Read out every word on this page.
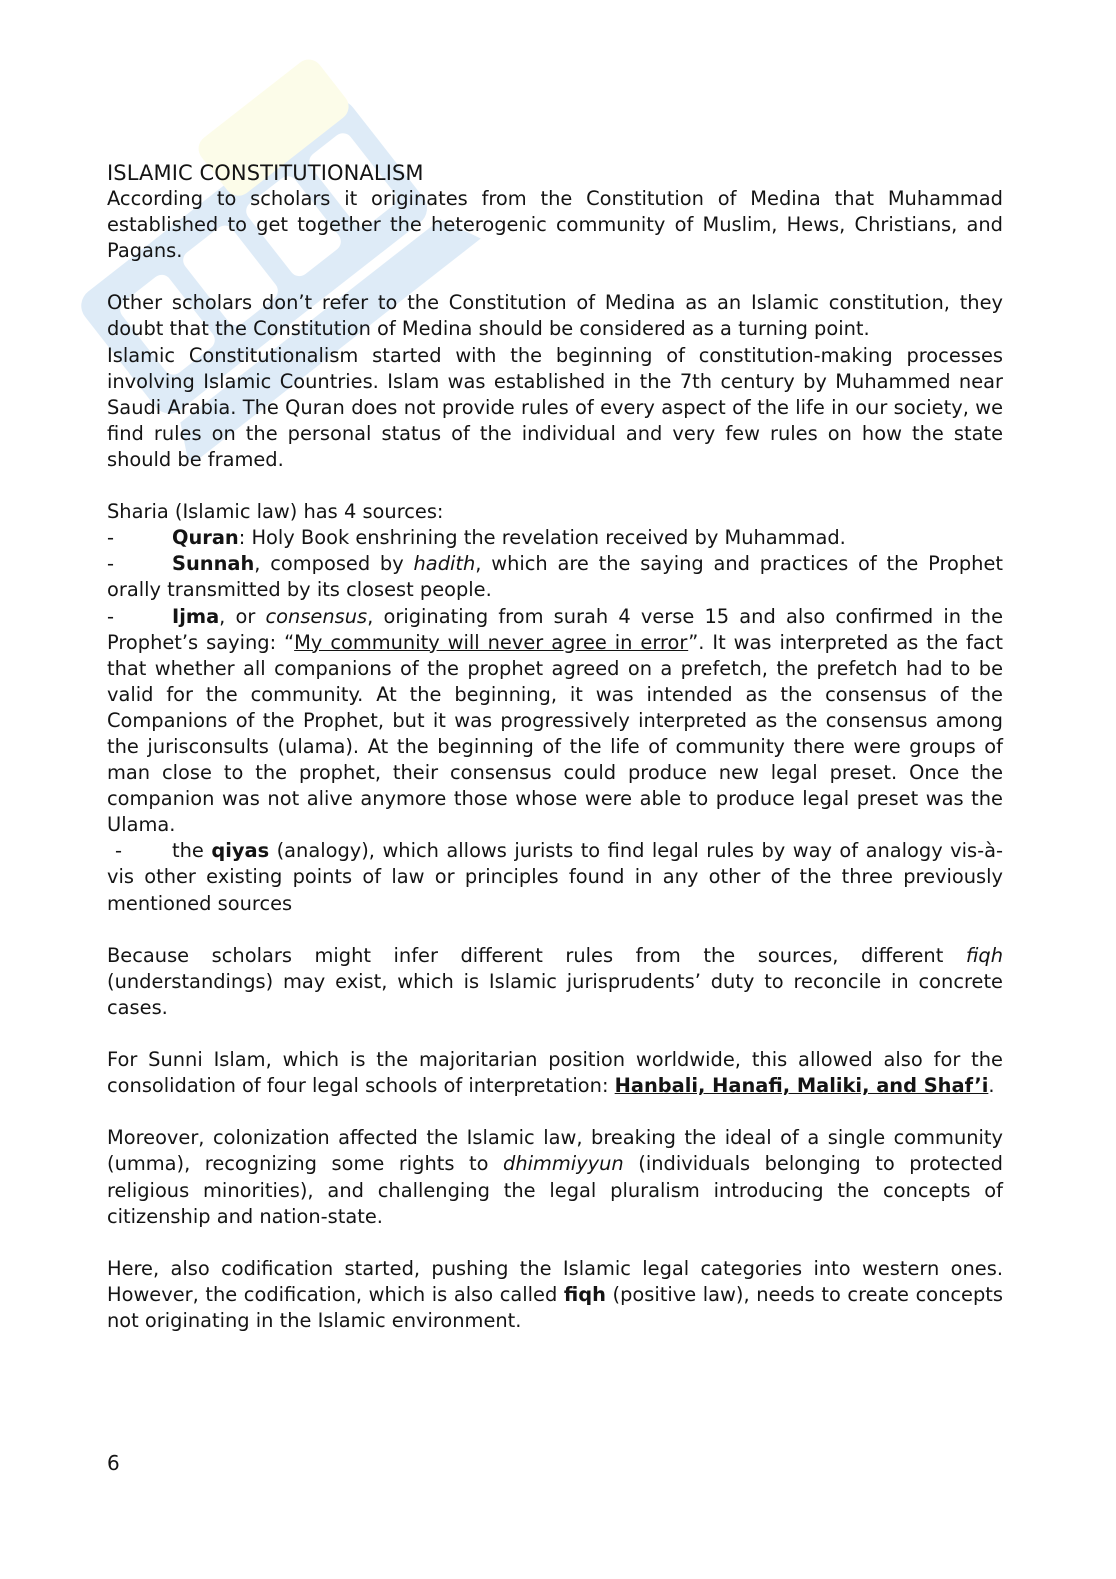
ISLAMIC CONSTITUTIONALISM

According to scholars it originates from the Constitution of Medina that Muhammad established to get together the heterogenic community of Muslim, Hews, Christians, and Pagans.

Other scholars don’t refer to the Constitution of Medina as an Islamic constitution, they doubt that the Constitution of Medina should be considered as a turning point.

Islamic Constitutionalism started with the beginning of constitution-making processes involving Islamic Countries. Islam was established in the 7th century by Muhammed near Saudi Arabia. The Quran does not provide rules of every aspect of the life in our society, we find rules on the personal status of the individual and very few rules on how the state should be framed.

Sharia (Islamic law) has 4 sources:

-	Quran: Holy Book enshrining the revelation received by Muhammad.

-	Sunnah, composed by hadith, which are the saying and practices of the Prophet orally transmitted by its closest people.

-	Ijma, or consensus, originating from surah 4 verse 15 and also confirmed in the Prophet’s saying: “My community will never agree in error”. It was interpreted as the fact that whether all companions of the prophet agreed on a prefetch, the prefetch had to be valid for the community. At the beginning, it was intended as the consensus of the Companions of the Prophet, but it was progressively interpreted as the consensus among the jurisconsults (ulama). At the beginning of the life of community there were groups of man close to the prophet, their consensus could produce new legal preset. Once the companion was not alive anymore those whose were able to produce legal preset was the Ulama.

-	the qiyas (analogy), which allows jurists to find legal rules by way of analogy vis-à-vis other existing points of law or principles found in any other of the three previously mentioned sources

Because scholars might infer different rules from the sources, different fiqh (understandings) may exist, which is Islamic jurisprudents’ duty to reconcile in concrete cases.

For Sunni Islam, which is the majoritarian position worldwide, this allowed also for the consolidation of four legal schools of interpretation: Hanbali, Hanafi, Maliki, and Shaf’i.

Moreover, colonization affected the Islamic law, breaking the ideal of a single community (umma), recognizing some rights to dhimmiyyun (individuals belonging to protected religious minorities), and challenging the legal pluralism introducing the concepts of citizenship and nation-state.

Here, also codification started, pushing the Islamic legal categories into western ones. However, the codification, which is also called fiqh (positive law), needs to create concepts not originating in the Islamic environment.

6
